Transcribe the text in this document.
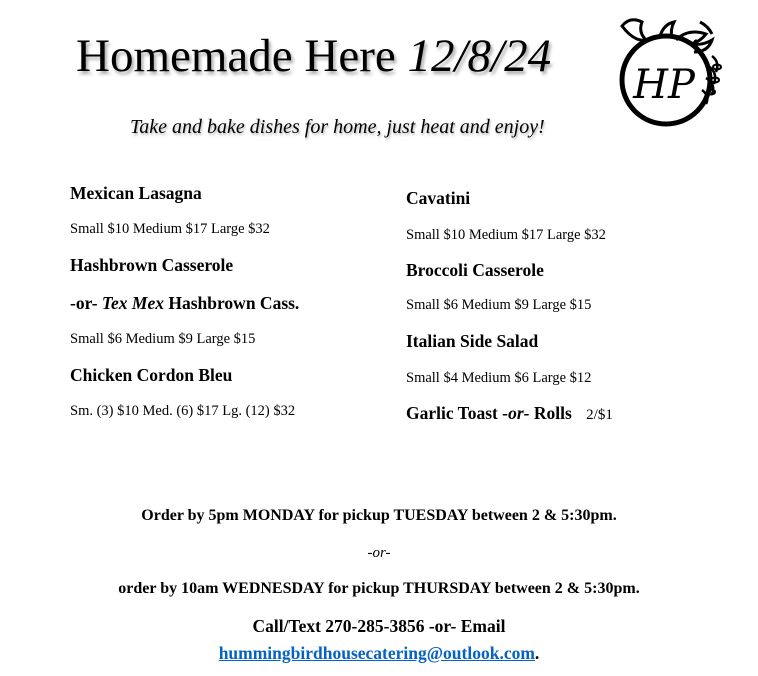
Homemade Here 12/8/24
HP
Take and bake dishes for home, just heat and enjoy!
Mexican Lasagna
Small $10 Medium $17 Large $32
Hashbrown Casserole
-or- Tex Mex Hashbrown Cass.
Small $6 Medium $9 Large $15
Chicken Cordon Bleu
Sm. (3) $10 Med. (6) $17 Lg. (12) $32
Cavatini
Small $10 Medium $17 Large $32
Broccoli Casserole
Small $6 Medium $9 Large $15
Italian Side Salad
Small $4 Medium $6 Large $12
Garlic Toast -or- Rolls 2/$1
Order by 5pm MONDAY for pickup TUESDAY between 2 & 5:30pm.
-or-
order by 10am WEDNESDAY for pickup THURSDAY between 2 & 5:30pm.
Call/Text 270-285-3856 -or- Email
hummingbirdhousecatering@outlook.com.
